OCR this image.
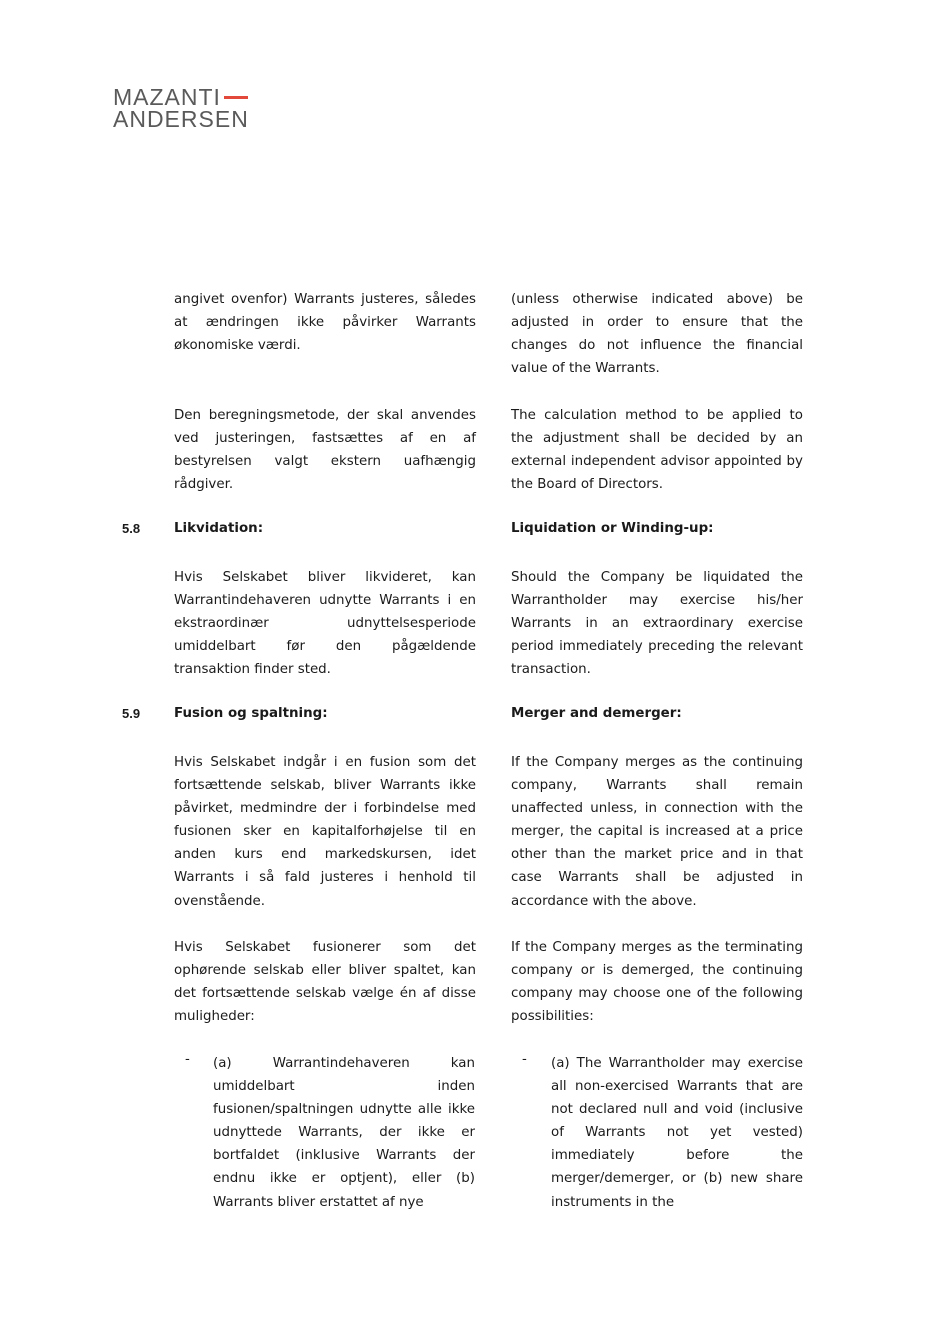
MAZANTI
ANDERSEN
angivet ovenfor) Warrants justeres, således at ændringen ikke påvirker Warrants økonomiske værdi.
(unless otherwise indicated above) be adjusted in order to ensure that the changes do not influence the financial value of the Warrants.
Den beregningsmetode, der skal anvendes ved justeringen, fastsættes af en af bestyrelsen valgt ekstern uafhængig rådgiver.
The calculation method to be applied to the adjustment shall be decided by an external independent advisor appointed by the Board of Directors.
5.8	Likvidation:	Liquidation or Winding-up:
Hvis Selskabet bliver likvideret, kan Warrantindehaveren udnytte Warrants i en ekstraordinær udnyttelsesperiode umiddelbart før den pågældende transaktion finder sted.
Should the Company be liquidated the Warrantholder may exercise his/her Warrants in an extraordinary exercise period immediately preceding the relevant transaction.
5.9	Fusion og spaltning:	Merger and demerger:
Hvis Selskabet indgår i en fusion som det fortsættende selskab, bliver Warrants ikke påvirket, medmindre der i forbindelse med fusionen sker en kapitalforhøjelse til en anden kurs end markedskursen, idet Warrants i så fald justeres i henhold til ovenstående.
If the Company merges as the continuing company, Warrants shall remain unaffected unless, in connection with the merger, the capital is increased at a price other than the market price and in that case Warrants shall be adjusted in accordance with the above.
Hvis Selskabet fusionerer som det ophørende selskab eller bliver spaltet, kan det fortsættende selskab vælge én af disse muligheder:
If the Company merges as the terminating company or is demerged, the continuing company may choose one of the following possibilities:
- (a) Warrantindehaveren kan umiddelbart inden fusionen/spaltningen udnytte alle ikke udnyttede Warrants, der ikke er bortfaldet (inklusive Warrants der endnu ikke er optjent), eller (b) Warrants bliver erstattet af nye
- (a) The Warrantholder may exercise all non-exercised Warrants that are not declared null and void (inclusive of Warrants not yet vested) immediately before the merger/demerger, or (b) new share instruments in the
